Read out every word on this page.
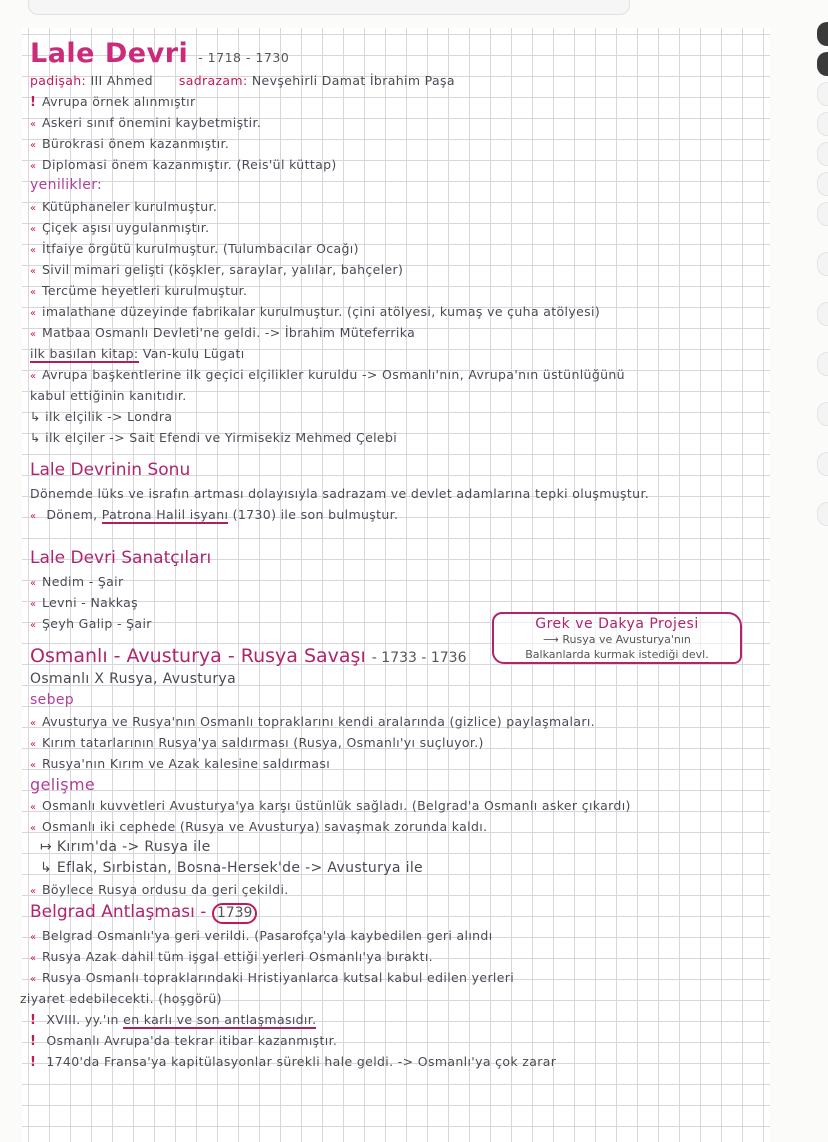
Lale Devri - 1718 - 1730
padişah: III Ahmed sadrazam: Nevşehirli Damat İbrahim Paşa
! Avrupa örnek alınmıştır
« Askeri sınıf önemini kaybetmiştir.
« Bürokrasi önem kazanmıştır.
« Diplomasi önem kazanmıştır. (Reis'ül küttap)
yenilikler:
« Kütüphaneler kurulmuştur.
« Çiçek aşısı uygulanmıştır.
« İtfaiye örgütü kurulmuştur. (Tulumbacılar Ocağı)
« Sivil mimari gelişti (köşkler, saraylar, yalılar, bahçeler)
« Tercüme heyetleri kurulmuştur.
« imalathane düzeyinde fabrikalar kurulmuştur. (çini atölyesi, kumaş ve çuha atölyesi)
« Matbaa Osmanlı Devleti'ne geldi. -> İbrahim Müteferrika
ilk basılan kitap: Van-kulu Lügatı
« Avrupa başkentlerine ilk geçici elçilikler kuruldu -> Osmanlı'nın, Avrupa'nın üstünlüğünü
kabul ettiğinin kanıtıdır.
↳ ilk elçilik -> Londra
↳ ilk elçiler -> Sait Efendi ve Yirmisekiz Mehmed Çelebi
Lale Devrinin Sonu
Dönemde lüks ve israfın artması dolayısıyla sadrazam ve devlet adamlarına tepki oluşmuştur.
« Dönem, Patrona Halil isyanı (1730) ile son bulmuştur.
Lale Devri Sanatçıları
« Nedim - Şair
« Levni - Nakkaş
« Şeyh Galip - Şair
Osmanlı - Avusturya - Rusya Savaşı - 1733 - 1736
Osmanlı X Rusya, Avusturya
sebep
« Avusturya ve Rusya'nın Osmanlı topraklarını kendi aralarında (gizlice) paylaşmaları.
« Kırım tatarlarının Rusya'ya saldırması (Rusya, Osmanlı'yı suçluyor.)
« Rusya'nın Kırım ve Azak kalesine saldırması
gelişme
« Osmanlı kuvvetleri Avusturya'ya karşı üstünlük sağladı. (Belgrad'a Osmanlı asker çıkardı)
« Osmanlı iki cephede (Rusya ve Avusturya) savaşmak zorunda kaldı.
↦ Kırım'da -> Rusya ile
↳ Eflak, Sırbistan, Bosna-Hersek'de -> Avusturya ile
« Böylece Rusya ordusu da geri çekildi.
Belgrad Antlaşması - 1739
« Belgrad Osmanlı'ya geri verildi. (Pasarofça'yla kaybedilen geri alındı
« Rusya Azak dahil tüm işgal ettiği yerleri Osmanlı'ya bıraktı.
« Rusya Osmanlı topraklarındaki Hristiyanlarca kutsal kabul edilen yerleri
ziyaret edebilecekti. (hoşgörü)
! XVIII. yy.'ın en karlı ve son antlaşmasıdır.
! Osmanlı Avrupa'da tekrar itibar kazanmıştır.
! 1740'da Fransa'ya kapitülasyonlar sürekli hale geldi. -> Osmanlı'ya çok zarar
Grek ve Dakya Projesi
⟶ Rusya ve Avusturya'nın
Balkanlarda kurmak istediği devl.
